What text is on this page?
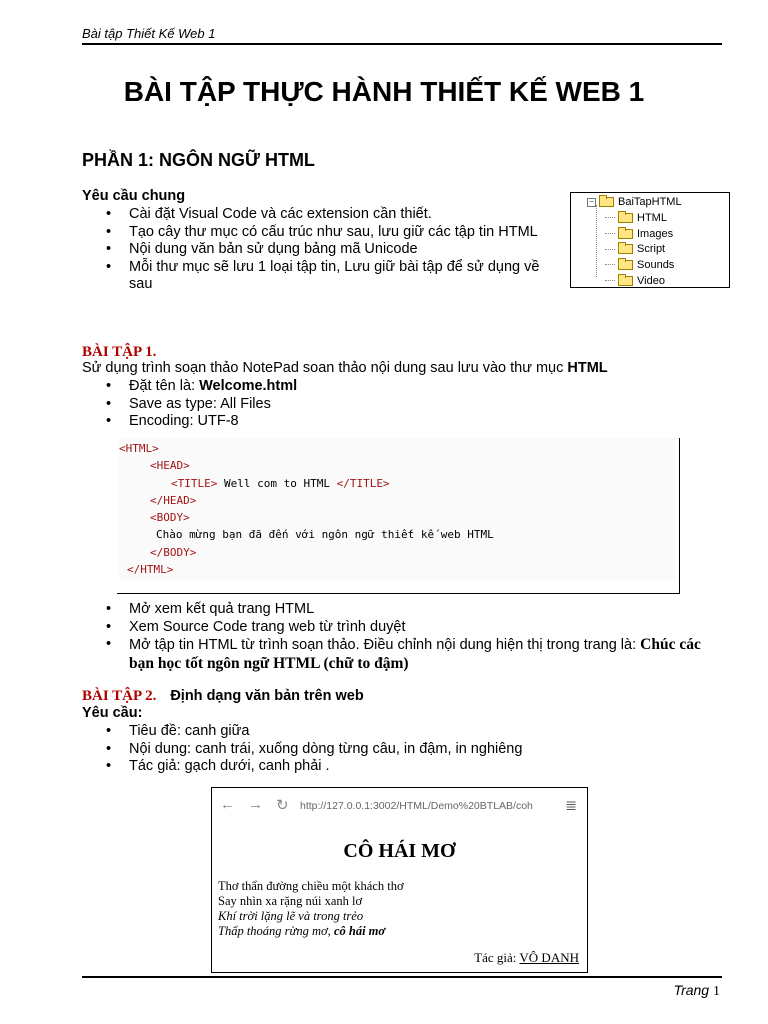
Bài tập Thiết Kế Web 1
BÀI TẬP THỰC HÀNH THIẾT KẾ WEB 1
PHẦN 1: NGÔN NGỮ HTML
Yêu cầu chung
• Cài đặt Visual Code và các extension cần thiết.
• Tạo cây thư mục có cấu trúc như sau, lưu giữ các tập tin HTML
• Nội dung văn bản sử dụng bảng mã Unicode
• Mỗi thư mục sẽ lưu 1 loại tập tin, Lưu giữ bài tập để sử dụng về sau
− BaiTapHTML
HTML
Images
Script
Sounds
Video
BÀI TẬP 1.
Sử dụng trình soạn thảo NotePad soan thảo nội dung sau lưu vào thư mục HTML
• Đặt tên là: Welcome.html
• Save as type: All Files
• Encoding: UTF-8
<HTML>
<HEAD>
<TITLE> Well com to HTML </TITLE>
</HEAD>
<BODY>
Chào mừng bạn đã đến với ngôn ngữ thiết kế web HTML
</BODY>
</HTML>
• Mở xem kết quả trang HTML
• Xem Source Code trang web từ trình duyệt
• Mở tập tin HTML từ trình soạn thảo. Điều chỉnh nội dung hiện thị trong trang là: Chúc các bạn học tốt ngôn ngữ HTML (chữ to đậm)
BÀI TẬP 2. Định dạng văn bản trên web
Yêu cầu:
• Tiêu đề: canh giữa
• Nội dung: canh trái, xuống dòng từng câu, in đậm, in nghiêng
• Tác giả: gạch dưới, canh phải .
← → ↻ http://127.0.0.1:3002/HTML/Demo%20BTLAB/coh	≣
CÔ HÁI MƠ
Thơ thẩn đường chiều một khách thơ
Say nhìn xa rặng núi xanh lơ
Khí trời lặng lẽ và trong trẻo
Thấp thoáng rừng mơ, cô hái mơ
Tác giả: VÔ DANH
Trang 1
